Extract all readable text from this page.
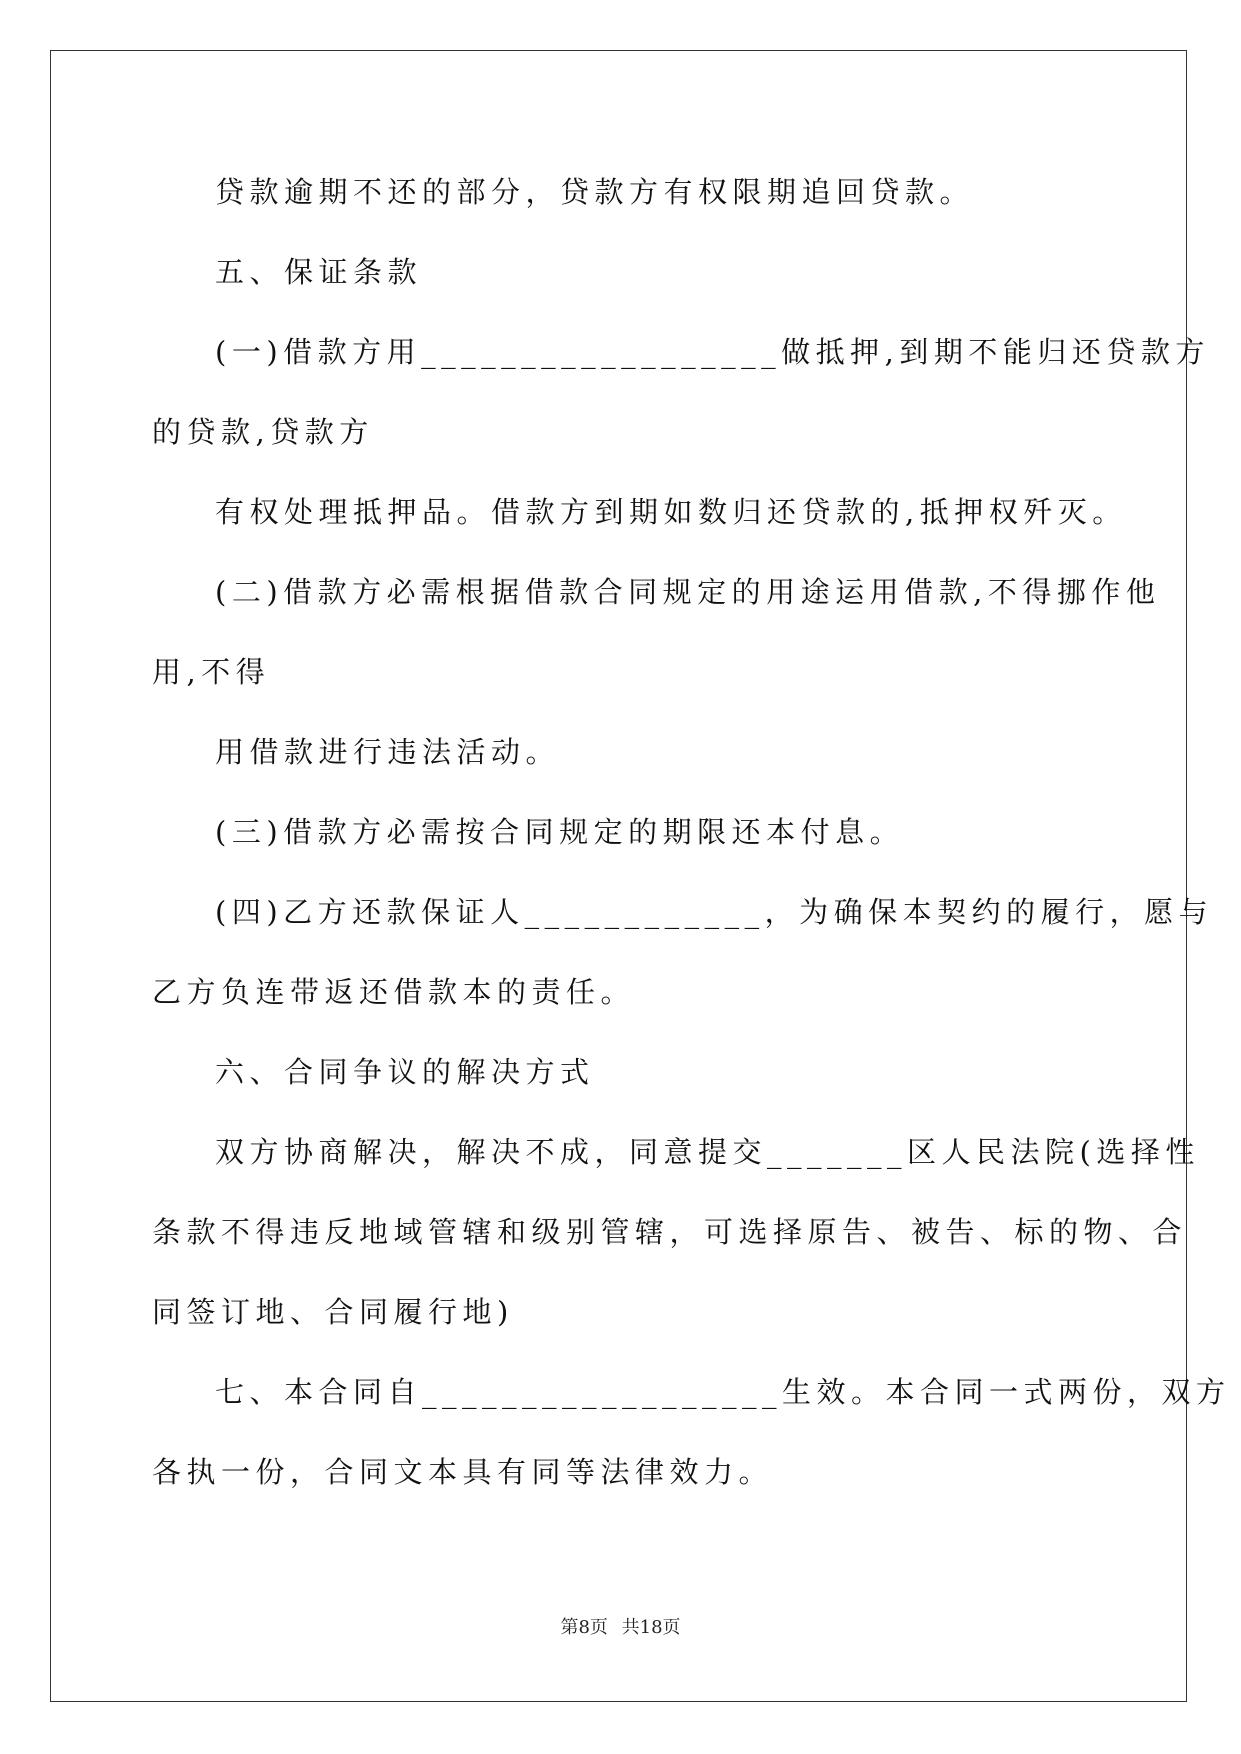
贷款逾期不还的部分，贷款方有权限期追回贷款。

五、保证条款

(一)借款方用__________________做抵押,到期不能归还贷款方

的贷款,贷款方

有权处理抵押品。借款方到期如数归还贷款的,抵押权歼灭。

(二)借款方必需根据借款合同规定的用途运用借款,不得挪作他

用,不得

用借款进行违法活动。

(三)借款方必需按合同规定的期限还本付息。

(四)乙方还款保证人____________，为确保本契约的履行，愿与

乙方负连带返还借款本的责任。

六、合同争议的解决方式

双方协商解决，解决不成，同意提交_______区人民法院(选择性

条款不得违反地域管辖和级别管辖，可选择原告、被告、标的物、合

同签订地、合同履行地)

七、本合同自__________________生效。本合同一式两份，双方

各执一份，合同文本具有同等法律效力。

第8页 共18页
